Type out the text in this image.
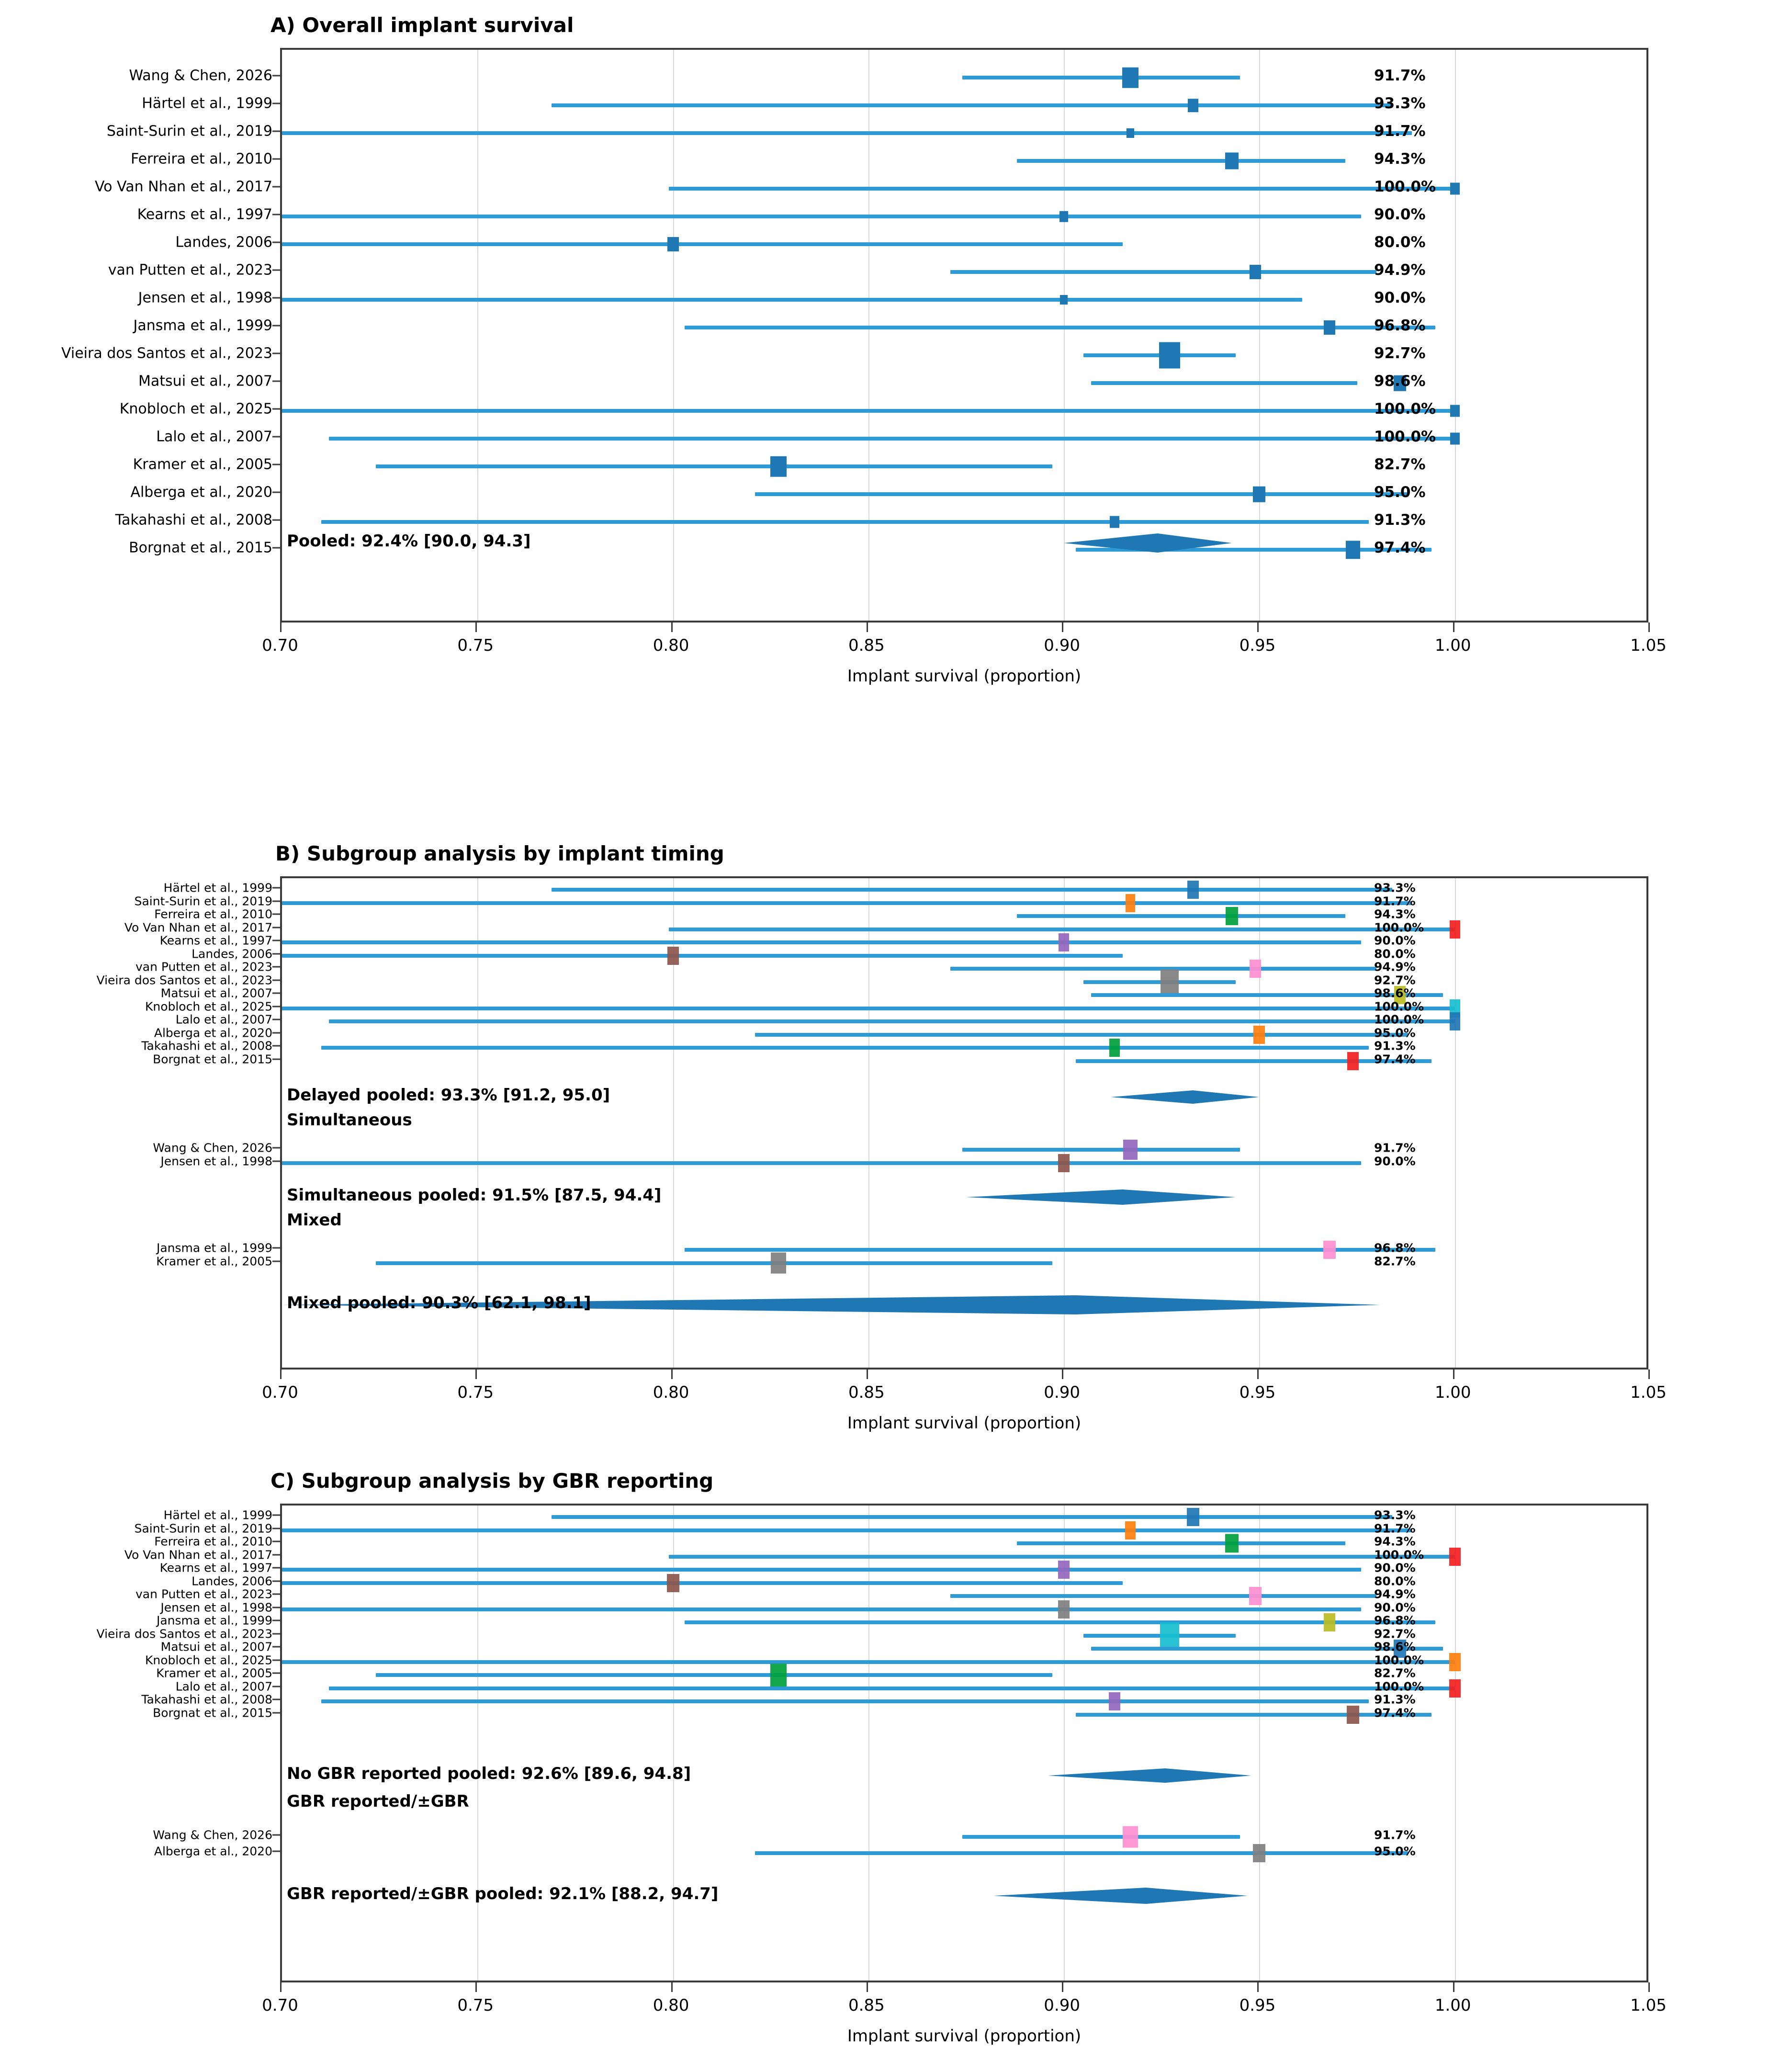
A) Overall implant survival
Wang & Chen, 2026	91.7%
Härtel et al., 1999	93.3%
Saint-Surin et al., 2019	91.7%
Ferreira et al., 2010	94.3%
Vo Van Nhan et al., 2017	100.0%
Kearns et al., 1997	90.0%
Landes, 2006	80.0%
van Putten et al., 2023	94.9%
Jensen et al., 1998	90.0%
Jansma et al., 1999	96.8%
Vieira dos Santos et al., 2023	92.7%
Matsui et al., 2007	98.6%
Knobloch et al., 2025	100.0%
Lalo et al., 2007	100.0%
Kramer et al., 2005	82.7%
Alberga et al., 2020	95.0%
Takahashi et al., 2008	91.3%
Borgnat et al., 2015	97.4%
Pooled: 92.4% [90.0, 94.3]
0.70	0.75	0.80	0.85	0.90	0.95	1.00	1.05
Implant survival (proportion)
B) Subgroup analysis by implant timing
Härtel et al., 1999	93.3%
Saint-Surin et al., 2019	91.7%
Ferreira et al., 2010	94.3%
Vo Van Nhan et al., 2017	100.0%
Kearns et al., 1997	90.0%
Landes, 2006	80.0%
van Putten et al., 2023	94.9%
Vieira dos Santos et al., 2023	92.7%
Matsui et al., 2007	98.6%
Knobloch et al., 2025	100.0%
Lalo et al., 2007	100.0%
Alberga et al., 2020	95.0%
Takahashi et al., 2008	91.3%
Borgnat et al., 2015	97.4%
Wang & Chen, 2026	91.7%
Jensen et al., 1998	90.0%
Jansma et al., 1999	96.8%
Kramer et al., 2005	82.7%
Simultaneous
Mixed
Delayed pooled: 93.3% [91.2, 95.0]
Simultaneous pooled: 91.5% [87.5, 94.4]
Mixed pooled: 90.3% [62.1, 98.1]
0.70	0.75	0.80	0.85	0.90	0.95	1.00	1.05
Implant survival (proportion)
C) Subgroup analysis by GBR reporting
Härtel et al., 1999	93.3%
Saint-Surin et al., 2019	91.7%
Ferreira et al., 2010	94.3%
Vo Van Nhan et al., 2017	100.0%
Kearns et al., 1997	90.0%
Landes, 2006	80.0%
van Putten et al., 2023	94.9%
Jensen et al., 1998	90.0%
Jansma et al., 1999	96.8%
Vieira dos Santos et al., 2023	92.7%
Matsui et al., 2007	98.6%
Knobloch et al., 2025	100.0%
Kramer et al., 2005	82.7%
Lalo et al., 2007	100.0%
Takahashi et al., 2008	91.3%
Borgnat et al., 2015	97.4%
Wang & Chen, 2026	91.7%
Alberga et al., 2020	95.0%
GBR reported/±GBR
No GBR reported pooled: 92.6% [89.6, 94.8]
GBR reported/±GBR pooled: 92.1% [88.2, 94.7]
0.70	0.75	0.80	0.85	0.90	0.95	1.00	1.05
Implant survival (proportion)
